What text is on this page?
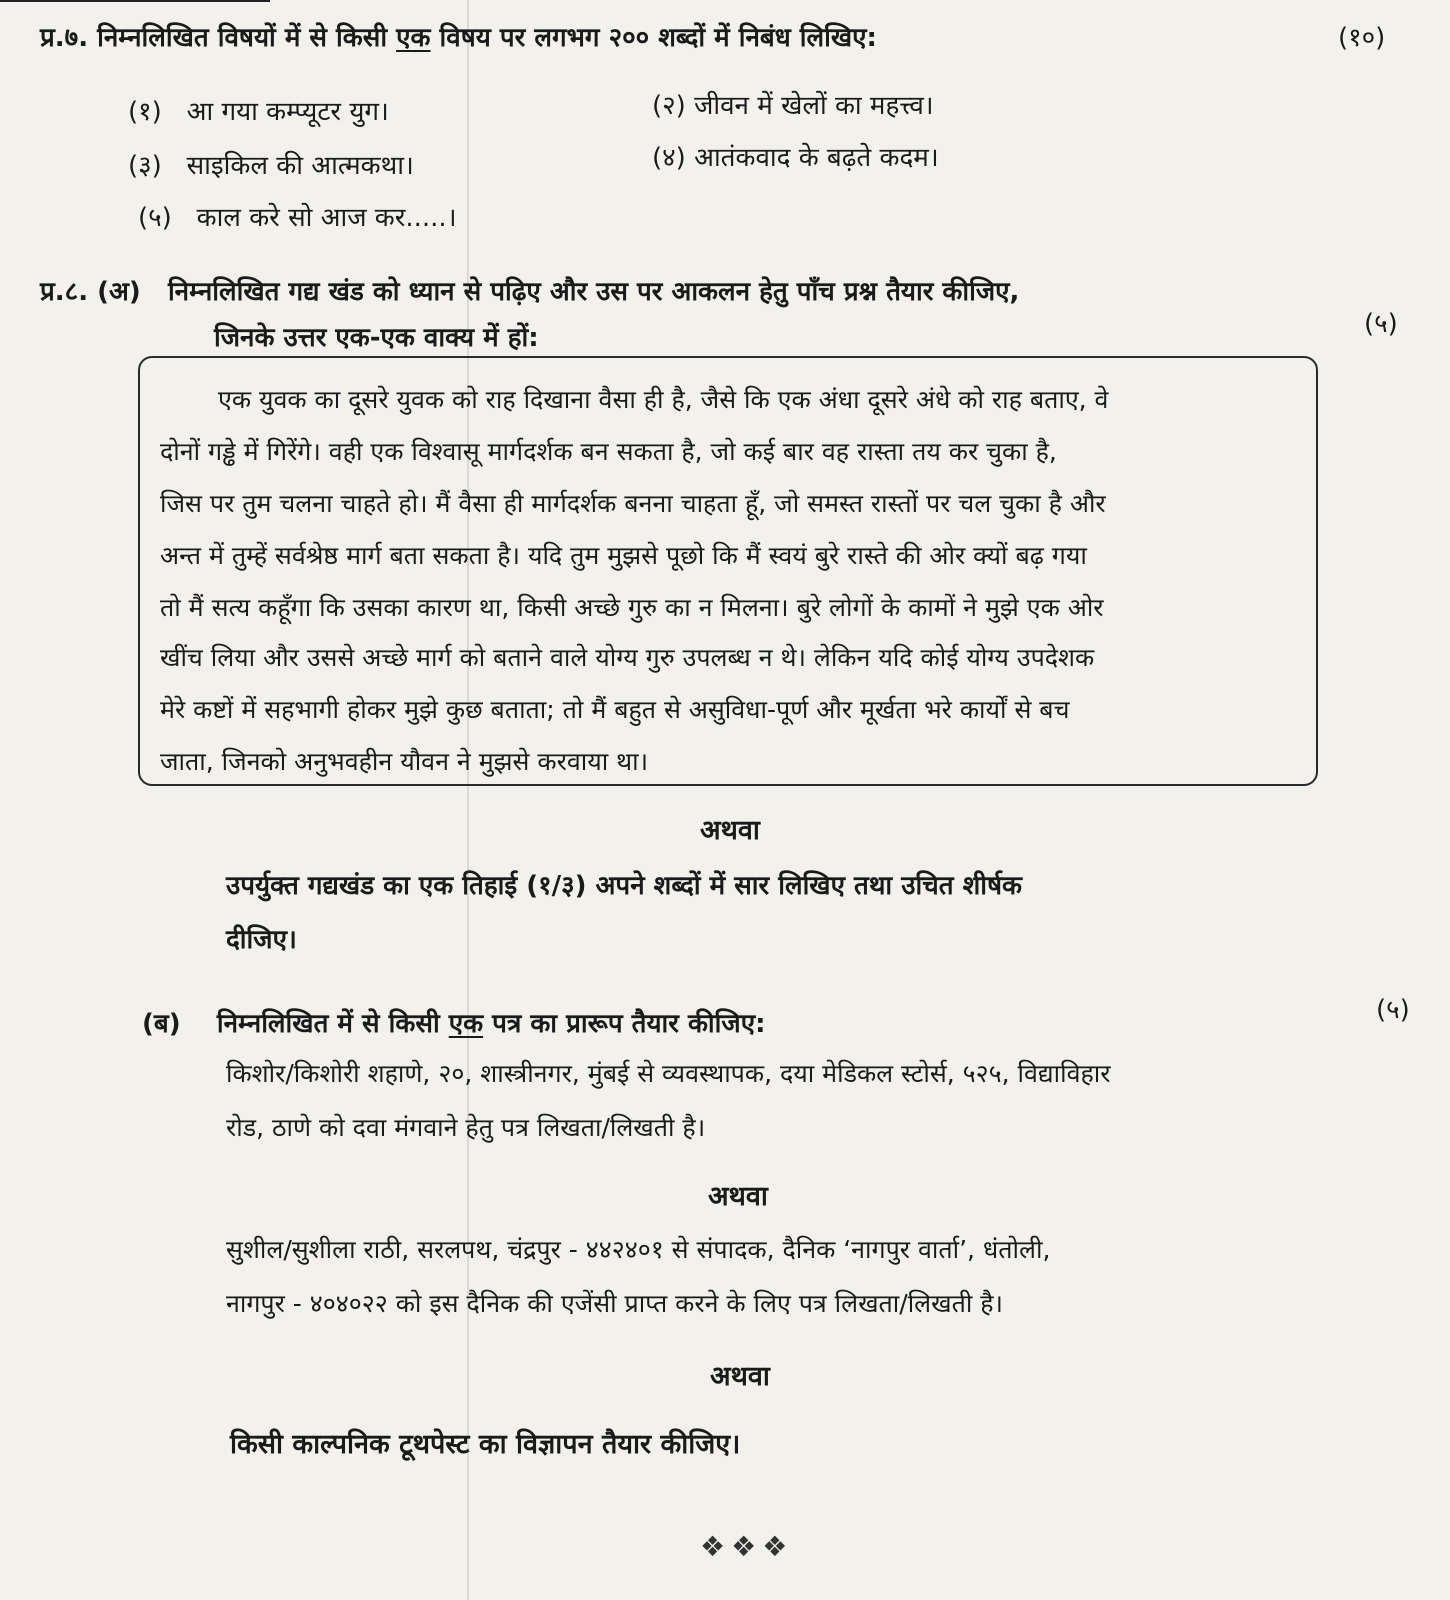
प्र.७. निम्नलिखित विषयों में से किसी एक विषय पर लगभग २०० शब्दों में निबंध लिखिए:	(१०)
(१) आ गया कम्प्यूटर युग।	(२) जीवन में खेलों का महत्त्व।
(३) साइकिल की आत्मकथा।	(४) आतंकवाद के बढ़ते कदम।
(५) काल करे सो आज कर.....।
प्र.८. (अ) निम्नलिखित गद्य खंड को ध्यान से पढ़िए और उस पर आकलन हेतु पाँच प्रश्न तैयार कीजिए,
जिनके उत्तर एक-एक वाक्य में हों:	(५)
एक युवक का दूसरे युवक को राह दिखाना वैसा ही है, जैसे कि एक अंधा दूसरे अंधे को राह बताए, वे
दोनों गड्ढे में गिरेंगे। वही एक विश्वासू मार्गदर्शक बन सकता है, जो कई बार वह रास्ता तय कर चुका है,
जिस पर तुम चलना चाहते हो। मैं वैसा ही मार्गदर्शक बनना चाहता हूँ, जो समस्त रास्तों पर चल चुका है और
अन्त में तुम्हें सर्वश्रेष्ठ मार्ग बता सकता है। यदि तुम मुझसे पूछो कि मैं स्वयं बुरे रास्ते की ओर क्यों बढ़ गया
तो मैं सत्य कहूँगा कि उसका कारण था, किसी अच्छे गुरु का न मिलना। बुरे लोगों के कामों ने मुझे एक ओर
खींच लिया और उससे अच्छे मार्ग को बताने वाले योग्य गुरु उपलब्ध न थे। लेकिन यदि कोई योग्य उपदेशक
मेरे कष्टों में सहभागी होकर मुझे कुछ बताता; तो मैं बहुत से असुविधा-पूर्ण और मूर्खता भरे कार्यों से बच
जाता, जिनको अनुभवहीन यौवन ने मुझसे करवाया था।
अथवा
उपर्युक्त गद्यखंड का एक तिहाई (१/३) अपने शब्दों में सार लिखिए तथा उचित शीर्षक
दीजिए।
(ब) निम्नलिखित में से किसी एक पत्र का प्रारूप तैयार कीजिए:	(५)
किशोर/किशोरी शहाणे, २०, शास्त्रीनगर, मुंबई से व्यवस्थापक, दया मेडिकल स्टोर्स, ५२५, विद्याविहार
रोड, ठाणे को दवा मंगवाने हेतु पत्र लिखता/लिखती है।
अथवा
सुशील/सुशीला राठी, सरलपथ, चंद्रपुर - ४४२४०१ से संपादक, दैनिक ‘नागपुर वार्ता’, धंतोली,
नागपुर - ४०४०२२ को इस दैनिक की एजेंसी प्राप्त करने के लिए पत्र लिखता/लिखती है।
अथवा
किसी काल्पनिक टूथपेस्ट का विज्ञापन तैयार कीजिए।
❖❖❖
